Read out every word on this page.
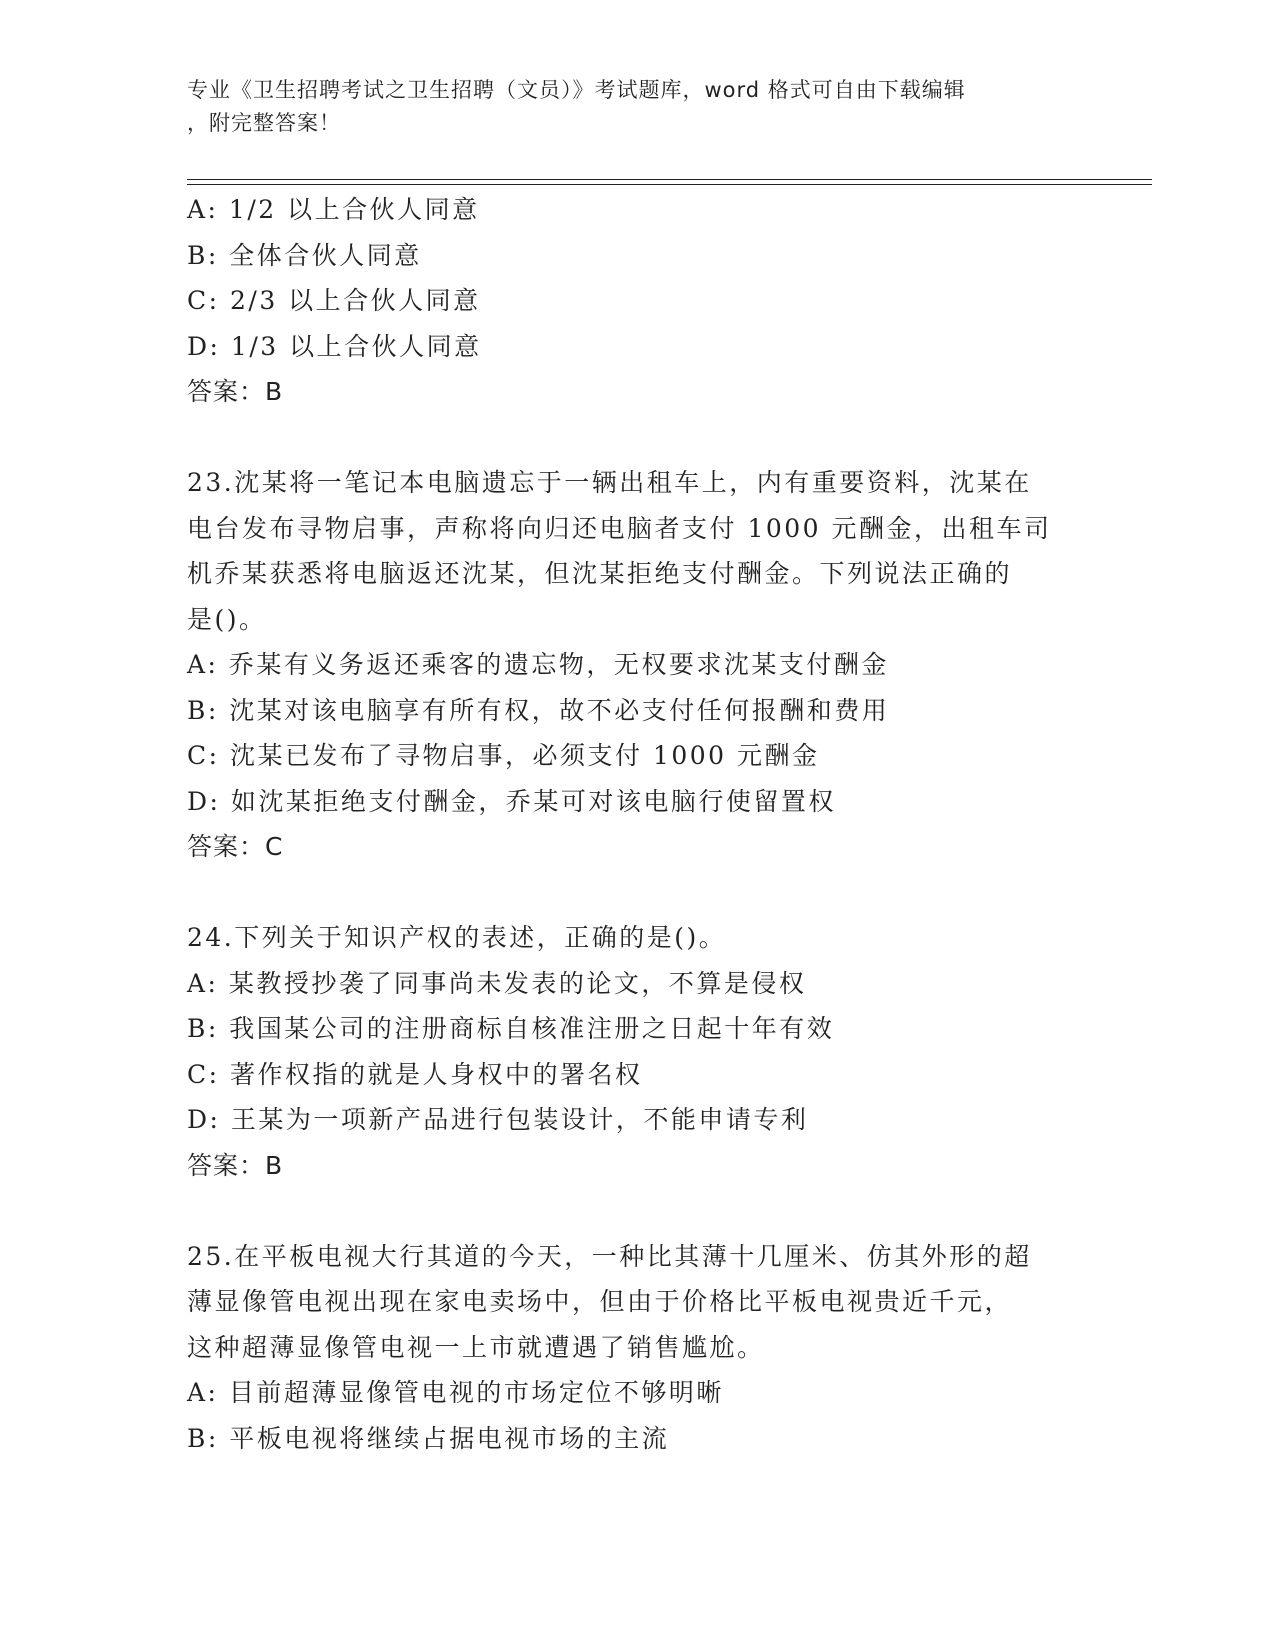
专业《卫生招聘考试之卫生招聘（文员）》考试题库，word 格式可自由下载编辑
，附完整答案！
A: 1/2 以上合伙人同意
B: 全体合伙人同意
C: 2/3 以上合伙人同意
D: 1/3 以上合伙人同意
答案：B
23.沈某将一笔记本电脑遗忘于一辆出租车上，内有重要资料，沈某在
电台发布寻物启事，声称将向归还电脑者支付 1000 元酬金，出租车司
机乔某获悉将电脑返还沈某，但沈某拒绝支付酬金。下列说法正确的
是()。
A: 乔某有义务返还乘客的遗忘物，无权要求沈某支付酬金
B: 沈某对该电脑享有所有权，故不必支付任何报酬和费用
C: 沈某已发布了寻物启事，必须支付 1000 元酬金
D: 如沈某拒绝支付酬金，乔某可对该电脑行使留置权
答案：C
24.下列关于知识产权的表述，正确的是()。
A: 某教授抄袭了同事尚未发表的论文，不算是侵权
B: 我国某公司的注册商标自核准注册之日起十年有效
C: 著作权指的就是人身权中的署名权
D: 王某为一项新产品进行包装设计，不能申请专利
答案：B
25.在平板电视大行其道的今天，一种比其薄十几厘米、仿其外形的超
薄显像管电视出现在家电卖场中，但由于价格比平板电视贵近千元，
这种超薄显像管电视一上市就遭遇了销售尴尬。
A: 目前超薄显像管电视的市场定位不够明晰
B: 平板电视将继续占据电视市场的主流
